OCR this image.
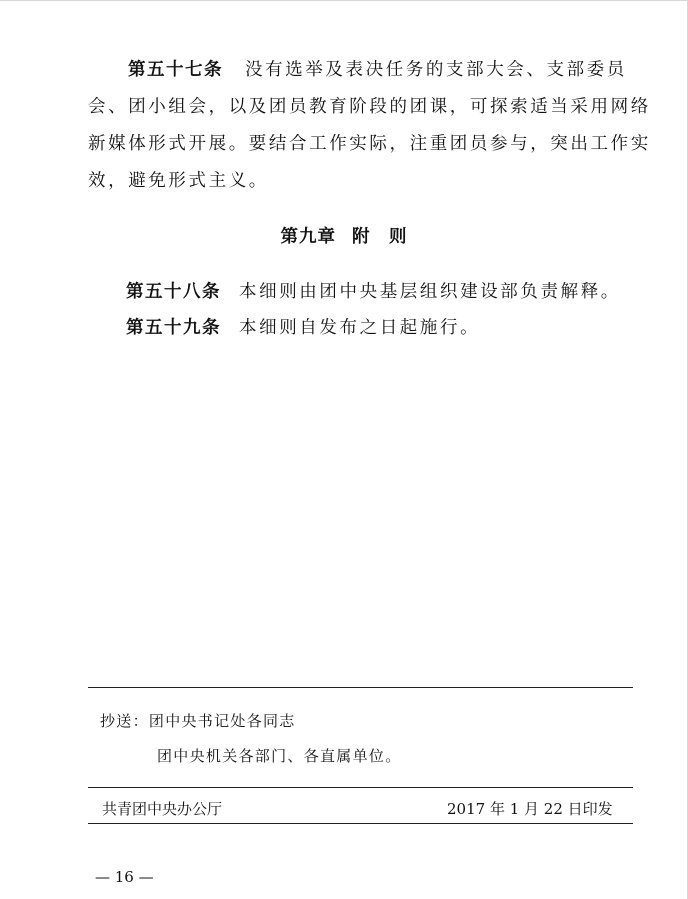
第五十七条 没有选举及表决任务的支部大会、支部委员
会、团小组会，以及团员教育阶段的团课，可探索适当采用网络
新媒体形式开展。要结合工作实际，注重团员参与，突出工作实
效，避免形式主义。
第九章 附　则
第五十八条 本细则由团中央基层组织建设部负责解释。
第五十九条 本细则自发布之日起施行。
抄送：团中央书记处各同志
团中央机关各部门、各直属单位。
共青团中央办公厅	2017 年 1 月 22 日印发
— 16 —
